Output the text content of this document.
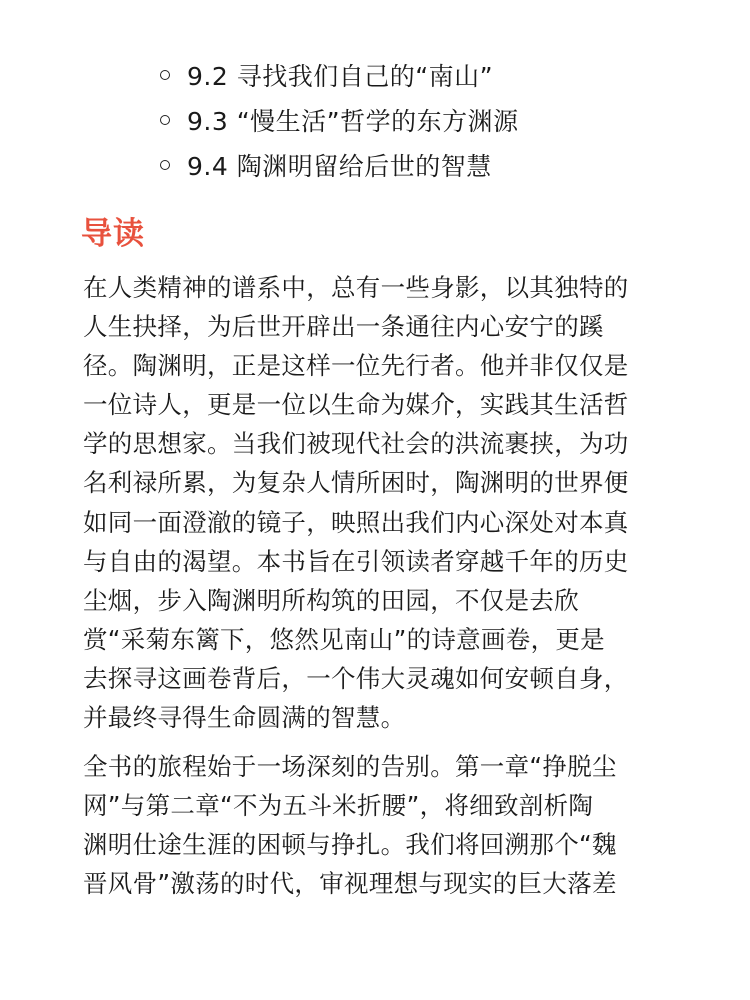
9.2 寻找我们自己的“南山”
9.3 “慢生活”哲学的东方渊源
9.4 陶渊明留给后世的智慧
导读

在人类精神的谱系中，总有一些身影，以其独特的
人生抉择，为后世开辟出一条通往内心安宁的蹊
径。陶渊明，正是这样一位先行者。他并非仅仅是
一位诗人，更是一位以生命为媒介，实践其生活哲
学的思想家。当我们被现代社会的洪流裹挟，为功
名利禄所累，为复杂人情所困时，陶渊明的世界便
如同一面澄澈的镜子，映照出我们内心深处对本真
与自由的渴望。本书旨在引领读者穿越千年的历史
尘烟，步入陶渊明所构筑的田园，不仅是去欣
赏“采菊东篱下，悠然见南山”的诗意画卷，更是
去探寻这画卷背后，一个伟大灵魂如何安顿自身，
并最终寻得生命圆满的智慧。

全书的旅程始于一场深刻的告别。第一章“挣脱尘
网”与第二章“不为五斗米折腰”，将细致剖析陶
渊明仕途生涯的困顿与挣扎。我们将回溯那个“魏
晋风骨”激荡的时代，审视理想与现实的巨大落差
